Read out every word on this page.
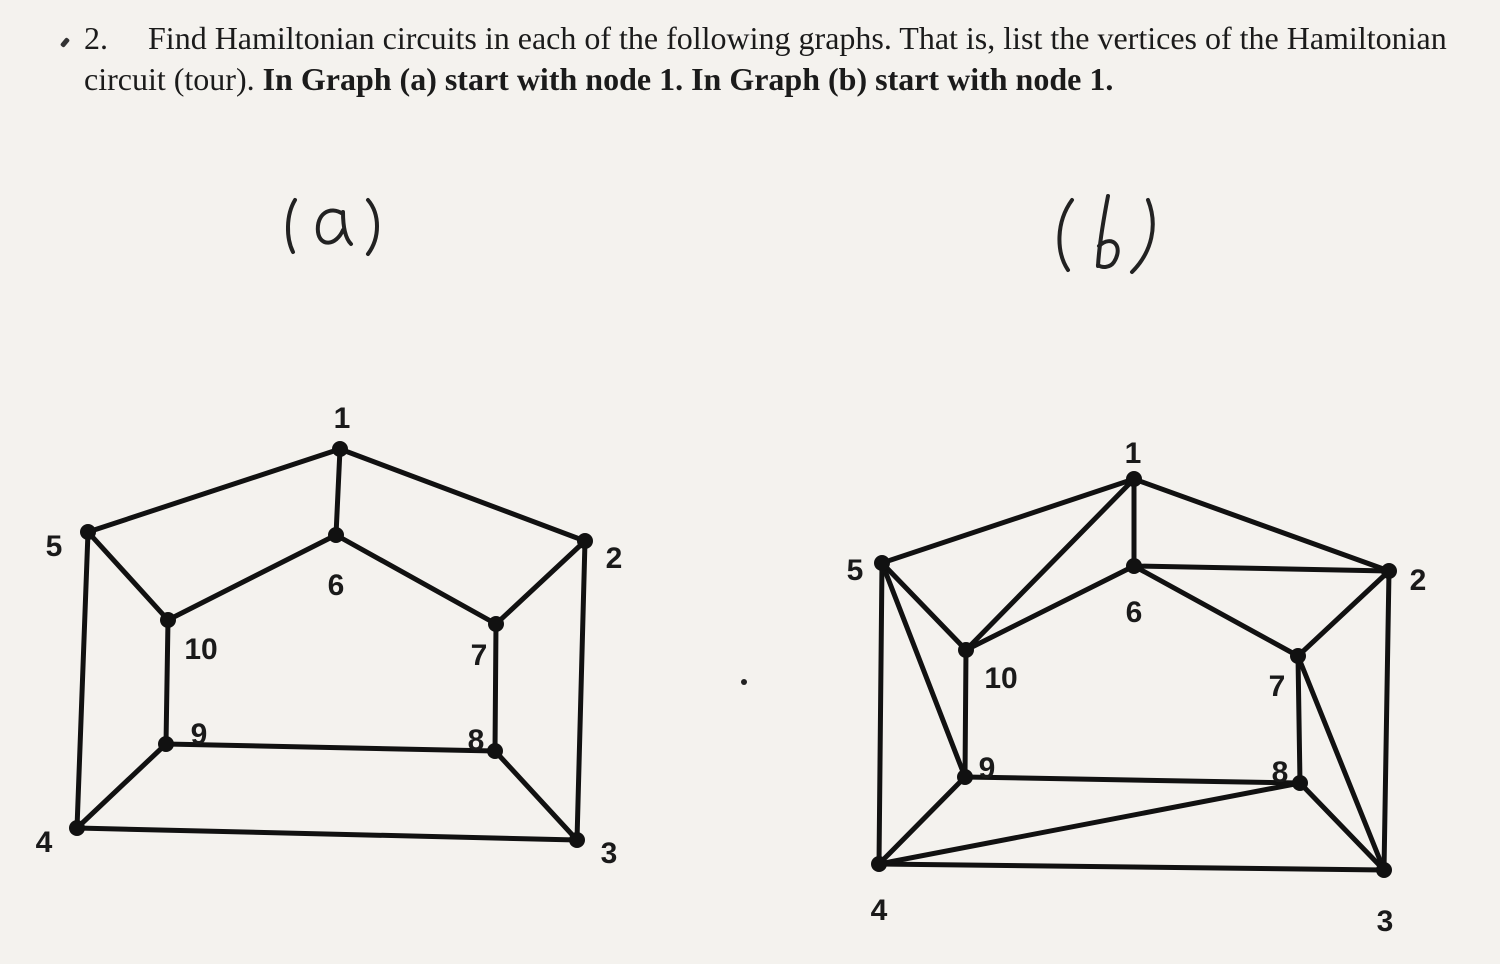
2. Find Hamiltonian circuits in each of the following graphs. That is, list the vertices of the Hamiltonian circuit (tour). In Graph (a) start with node 1. In Graph (b) start with node 1.
1
2
3
4
5
6
7
8
9
10
1
2
3
4
5
6
7
8
9
10
